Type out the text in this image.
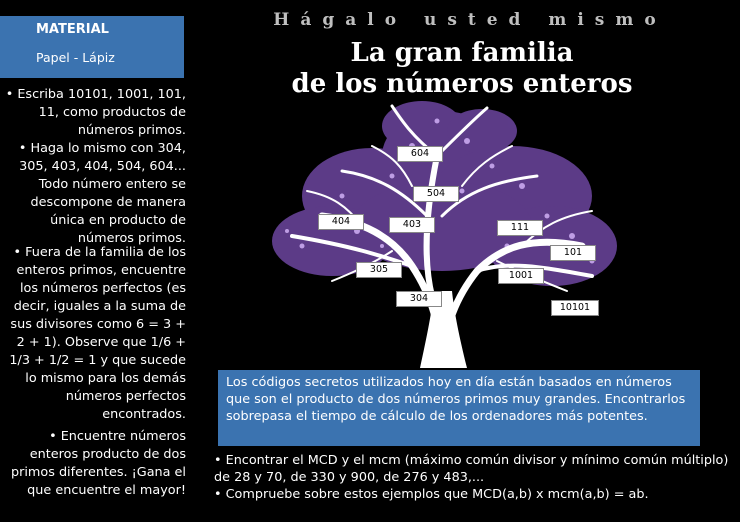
MATERIAL
Papel - Lápiz
• Escriba 10101, 1001, 101, 11, como productos de números primos.
• Haga lo mismo con 304, 305, 403, 404, 504, 604... Todo número entero se descompone de manera única en producto de números primos.
• Fuera de la familia de los enteros primos, encuentre los números perfectos (es decir, iguales a la suma de sus divisores como 6 = 3 + 2 + 1). Observe que 1/6 + 1/3 + 1/2 = 1 y que sucede lo mismo para los demás números perfectos encontrados.
• Encuentre números enteros producto de dos primos diferentes. ¡Gana el que encuentre el mayor!
Hágalo usted mismo
La gran familia
de los números enteros
604
504
404	403	111
101
305
1001
304
10101
Los códigos secretos utilizados hoy en día están basados en números que son el producto de dos números primos muy grandes. Encontrarlos sobrepasa el tiempo de cálculo de los ordenadores más potentes.
• Encontrar el MCD y el mcm (máximo común divisor y mínimo común múltiplo) de 28 y 70, de 330 y 900, de 276 y 483,...
• Compruebe sobre estos ejemplos que MCD(a,b) x mcm(a,b) = ab.
